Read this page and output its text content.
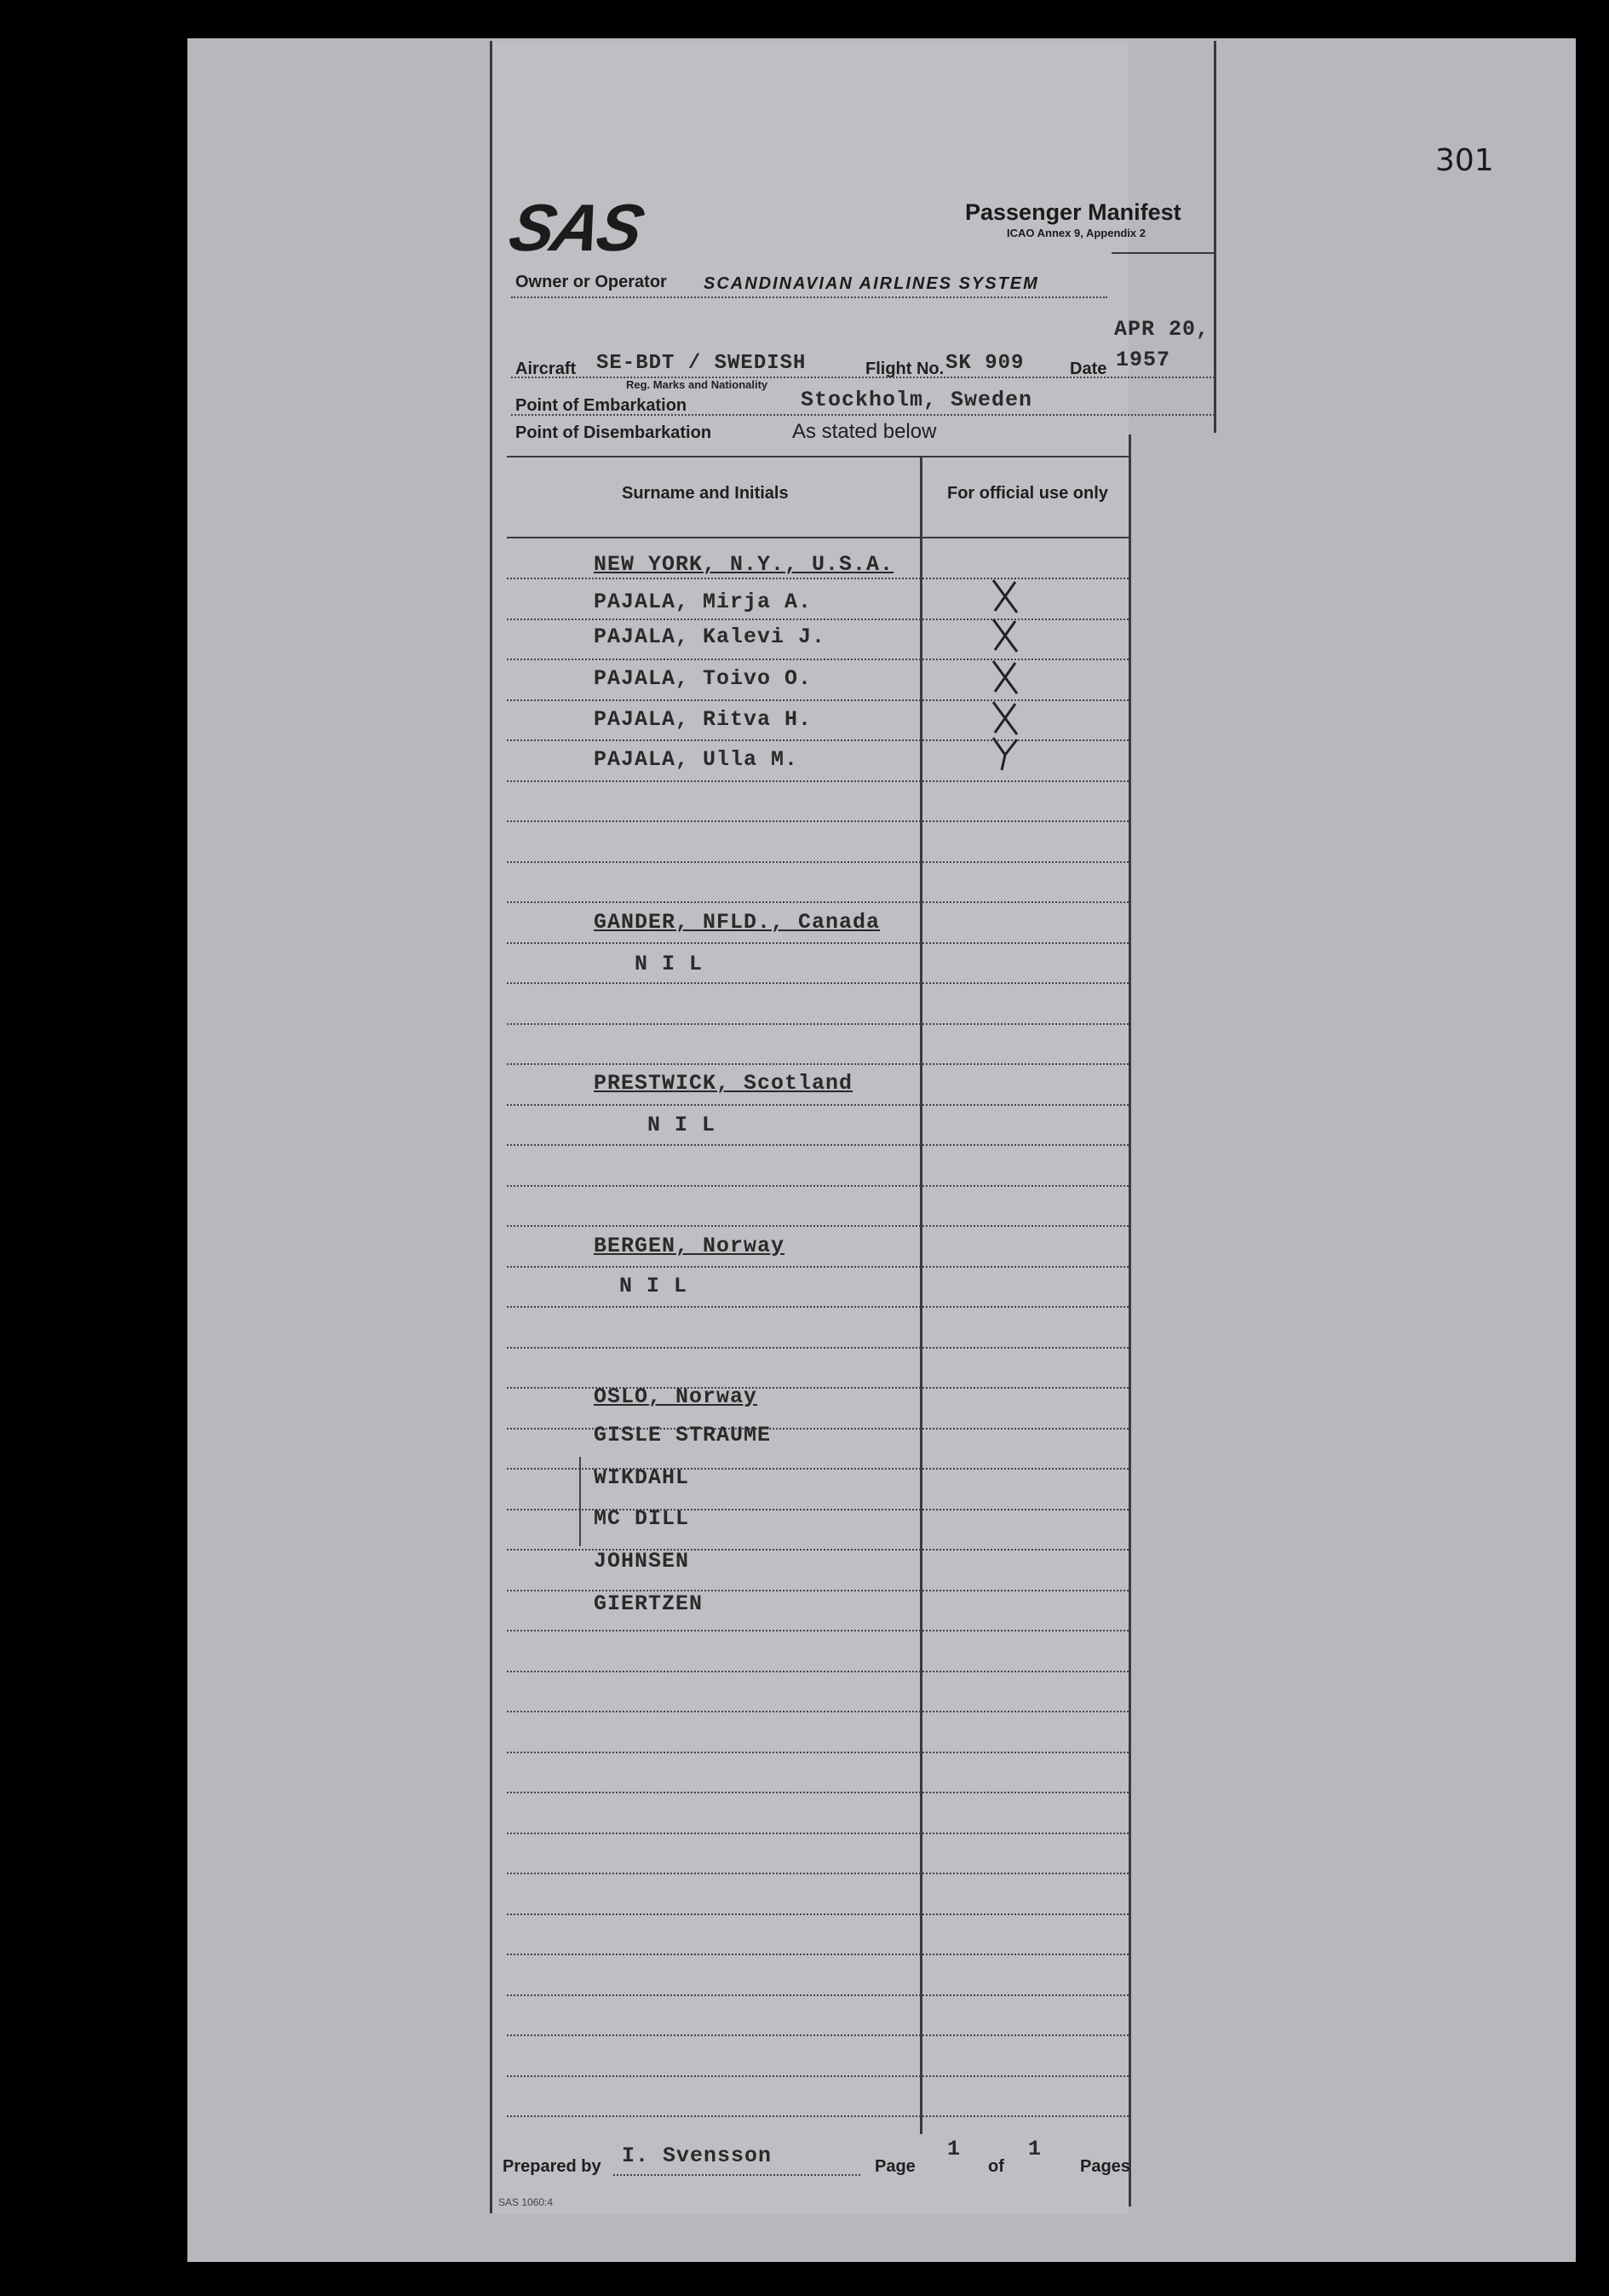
301
SAS	Passenger Manifest
ICAO Annex 9, Appendix 2
Owner or Operator SCANDINAVIAN AIRLINES SYSTEM
Aircraft SE-BDT / SWEDISH
Reg. Marks and Nationality
Flight No. SK 909	Date
APR 20,
1957
Point of Embarkation	Stockholm, Sweden
Point of Disembarkation	As stated below
Surname and Initials	For official use only
NEW YORK, N.Y., U.S.A.
PAJALA, Mirja A.
PAJALA, Kalevi J.
PAJALA, Toivo O.
PAJALA, Ritva H.
PAJALA, Ulla M.
GANDER, NFLD., Canada
N I L
PRESTWICK, Scotland
N I L
BERGEN, Norway
N I L
OSLO, Norway
GISLE STRAUME
WIKDAHL
MC DILL
JOHNSEN
GIERTZEN
Prepared by I. Svensson	Page
1
of
1
Pages
SAS 1060:4
